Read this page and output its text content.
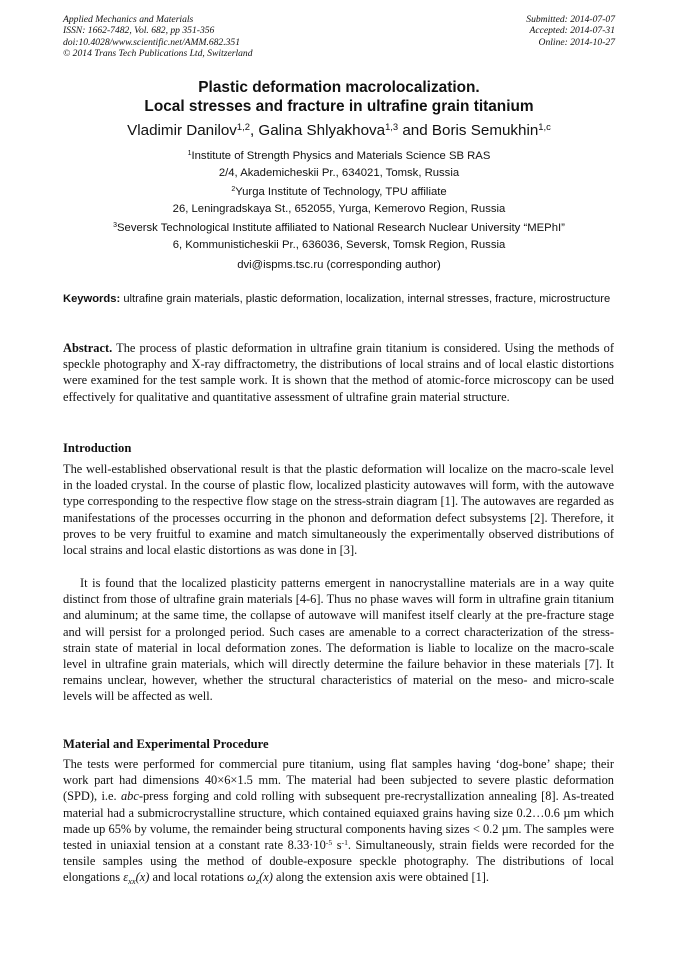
Applied Mechanics and Materials
ISSN: 1662-7482, Vol. 682, pp 351-356
doi:10.4028/www.scientific.net/AMM.682.351
© 2014 Trans Tech Publications Ltd, Switzerland
Submitted: 2014-07-07
Accepted: 2014-07-31
Online: 2014-10-27
Plastic deformation macrolocalization.
Local stresses and fracture in ultrafine grain titanium
Vladimir Danilov$^{1,2}$, Galina Shlyakhova$^{1,3}$ and Boris Semukhin$^{1,c}$
$^1$Institute of Strength Physics and Materials Science SB RAS
2/4, Akademicheskii Pr., 634021, Tomsk, Russia
$^2$Yurga Institute of Technology, TPU affiliate
26, Leningradskaya St., 652055, Yurga, Kemerovo Region, Russia
$^3$Seversk Technological Institute affiliated to National Research Nuclear University “MEPhI”
6, Kommunisticheskii Pr., 636036, Seversk, Tomsk Region, Russia
dvi@ispms.tsc.ru (corresponding author)
Keywords: ultrafine grain materials, plastic deformation, localization, internal stresses, fracture, microstructure

Abstract. The process of plastic deformation in ultrafine grain titanium is considered. Using the methods of speckle photography and X-ray diffractometry, the distributions of local strains and of local elastic distortions were examined for the test sample work. It is shown that the method of atomic-force microscopy can be used effectively for qualitative and quantitative assessment of ultrafine grain material structure.

Introduction

The well-established observational result is that the plastic deformation will localize on the macro-scale level in the loaded crystal. In the course of plastic flow, localized plasticity autowaves will form, with the autowave type corresponding to the respective flow stage on the stress-strain diagram [1]. The autowaves are regarded as manifestations of the processes occurring in the phonon and deformation defect subsystems [2]. Therefore, it proves to be very fruitful to examine and match simultaneously the experimentally observed distributions of local strains and local elastic distortions as was done in [3].

It is found that the localized plasticity patterns emergent in nanocrystalline materials are in a way quite distinct from those of ultrafine grain materials [4-6]. Thus no phase waves will form in ultrafine grain titanium and aluminum; at the same time, the collapse of autowave will manifest itself clearly at the pre-fracture stage and will persist for a prolonged period. Such cases are amenable to a correct characterization of the stress-strain state of material in local deformation zones. The deformation is liable to localize on the macro-scale level in ultrafine grain materials, which will directly determine the failure behavior in these materials [7]. It remains unclear, however, whether the structural characteristics of material on the meso- and micro-scale levels will be affected as well.

Material and Experimental Procedure

The tests were performed for commercial pure titanium, using flat samples having ‘dog-bone’ shape; their work part had dimensions 40×6×1.5 mm. The material had been subjected to severe plastic deformation (SPD), i.e. abc-press forging and cold rolling with subsequent pre-recrystallization annealing [8]. As-treated material had a submicrocrystalline structure, which contained equiaxed grains having size 0.2…0.6 µm which made up 65% by volume, the remainder being structural components having sizes < 0.2 µm. The samples were tested in uniaxial tension at a constant rate $8.33\cdot 10^{-5}$ $s^{-1}$. Simultaneously, strain fields were recorded for the tensile samples using the method of double-exposure speckle photography. The distributions of local elongations $\varepsilon_{xx}(x)$ and local rotations $\omega_z(x)$ along the extension axis were obtained [1].
